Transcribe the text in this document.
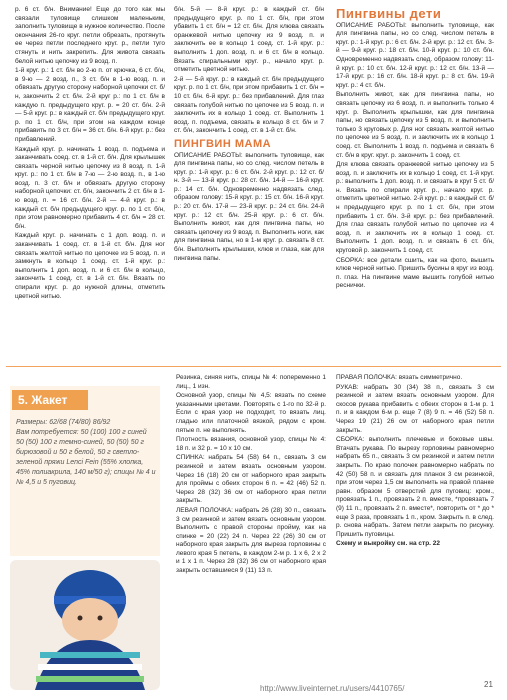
р. 6 ст. б/н. Внимание! Еще до того как мы связали туловище слишком маленьким, заполнить туловище в нужное количество. После окончания 26-го круг. петли обрезать, протянуть ее через петли последнего круг. р., петли туго стянуть и нить закрепить. Для живота связать белой нитью цепочку из 9 возд. п.

1-й круг. р.: 1 ст. б/н во 2-ю п. от крючка, 6 ст. б/н, в 9-ю — 2 возд. п., 3 ст. б/н в 1-ю возд. п. и обвязать другую сторону наборной цепочки ст. б/н, закончить 2 ст. б/н. 2-й круг р.: по 1 ст. б/н в каждую п. предыдущего круг. р. = 20 ст. б/н. 2-й — 5-й круг. р.: в каждый ст. б/н предыдущего круг. р. по 1 ст. б/н, при этом на каждом конце прибавить по 3 ст. б/н = 36 ст. б/н. 6-й круг. р.: без прибавлений.

Каждый круг. р. начинать 1 возд. п. подъема и заканчивать соед. ст. в 1-й ст. б/н. Для крылышек связать черной нитью цепочку из 8 возд. п. 1-й круг. р.: по 1 ст. б/н в 7-ю — 2-ю возд. п., в 1-ю возд. п. 3 ст. б/н и обвязать другую сторону наборной цепочки: ст. б/н, закончить 2 ст. б/н в 1-ю возд. п. = 16 ст. б/н. 2-й — 4-й круг. р.: в каждый ст. б/н предыдущего круг. р. по 1 ст. б/н, при этом равномерно прибавить 4 ст. б/н = 28 ст. б/н.

Каждый круг. р. начинать с 1 доп. возд. п. и заканчивать 1 соед. ст. в 1-й ст. б/н. Для ног связать желтой нитью по цепочке из 5 возд. п. и замкнуть в кольцо 1 соед. ст. 1-й круг. р.: выполнить 1 доп. возд. п. и 6 ст. б/н в кольцо, закончить 1 соед. ст. в 1-й ст. б/н. Вязать по спирали круг. р. до нужной длины, отметить цветной нитью.

б/н. 5-й — 8-й круг. р.: в каждый ст. б/н предыдущего круг. р. по 1 ст. б/н, при этом убавить 1 ст. б/н = 12 ст. б/н. Для клюва связать оранжевой нитью цепочку из 9 возд. п. и заключить ее в кольцо 1 соед. ст. 1-й круг. р.: выполнить 1 доп. возд. п. и 6 ст. б/н в кольцо. Вязать спиральными круг. р., начало круг. р. отметить цветной нитью.

2-й — 5-й круг. р.: в каждый ст. б/н предыдущего круг. р. по 1 ст. б/н, при этом прибавить 1 ст. б/н = 10 ст. б/н. 6-й круг. р.: без прибавлений. Для глаз связать голубой нитью по цепочке из 5 возд. п. и заключить их в кольцо 1 соед. ст. Выполнить 1 возд. п. подъема, связать в кольцо 8 ст. б/н и 7 ст. б/н, закончить 1 соед. ст. в 1-й ст. б/н.

ПИНГВИН МАМА

ОПИСАНИЕ РАБОТЫ: выполнить туловище, как для пингвина папы, но со след. числом петель в круг. р.: 1-й круг. р.: 6 ст. б/н. 2-й круг. р.: 12 ст. б/н. 3-й — 13-й круг. р.: 28 ст. б/н. 14-й — 16-й круг. р.: 14 ст. б/н. Одновременно надвязать след. образом голову: 15-й круг. р.: 15 ст. б/н. 16-й круг. р.: 20 ст. б/н. 17-й — 23-й круг. р.: 24 ст. б/н. 24-й круг. р.: 12 ст. б/н. 25-й круг. р.: 6 ст. б/н. Выполнить живот, как для пингвина папы, но связать цепочку из 9 возд. п. Выполнить ноги, как для пингвина папы, но в 1-м круг. р. связать 8 ст. б/н. Выполнить крылышки, клюв и глаза, как для пингвина папы.

Пингвины дети

ОПИСАНИЕ РАБОТЫ: выполнить туловище, как для пингвина папы, но со след. числом петель в круг. р.: 1-й круг. р.: 6 ст. б/н. 2-й круг. р.: 12 ст. б/н. 3-й — 9-й круг. р.: 18 ст. б/н. 10-й круг. р.: 10 ст. б/н. Одновременно надвязать след. образом голову: 11-й круг. р.: 10 ст. б/н. 12-й круг. р.: 12 ст. б/н. 13-й — 17-й круг. р.: 16 ст. б/н. 18-й круг. р.: 8 ст. б/н. 19-й круг. р.: 4 ст. б/н.

Выполнить живот, как для пингвина папы, но связать цепочку из 6 возд. п. и выполнить только 4 круг. р. Выполнить крылышки, как для пингвина папы, но связать цепочку из 5 возд. п. и выполнить только 3 круговых р. Для ног связать желтой нитью по цепочке из 5 возд. п. и заключить их в кольцо 1 соед. ст. Выполнить 1 возд. п. подъема и связать 6 ст. б/н в круг. круг. р. закончить 1 соед. ст.

Для клюва связать оранжевой нитью цепочку из 5 возд. п. и заключить их в кольцо 1 соед. ст. 1-й круг. р.: выполнить 1 доп. возд. п. и связать в круг 5 ст. б/н. Вязать по спирали круг. р., начало круг. р. отметить цветной нитью. 2-й круг. р.: в каждый ст. б/н предыдущего круг. р. по 1 ст. б/н, при этом прибавить 1 ст. б/н. 3-й круг. р.: без прибавлений. Для глаз связать голубой нитью по цепочке из 4 возд. п. и заключить их в кольцо 1 соед. ст. Выполнить 1 доп. возд. п. и связать 6 ст. б/н, круговой р. закончить 1 соед. ст.

СБОРКА: все детали сшить, как на фото, вышить клюв черной нитью. Пришить бусины в круг из возд. п. глаз. На пингвине маме вышить голубой нитью реснички.

5. Жакет
Размеры: 62/68 (74/80) 86/92
Вам потребуется: 50 (100) 100 г синей 50 (50) 100 г темно-синей, 50 (50) 50 г бирюзовой и 50 г белой, 50 г светло-зеленой пряжи Lenci Fein (55% хлопка, 45% полиакрила, 140 м/50 г); спицы № 4 и № 4,5 и 5 пуговиц.

Резинка, синяя нить, спицы № 4: попеременно 1 лиц., 1 изн.

Основной узор, спицы № 4,5: вязать по схеме указанными цветами. Повторять с 1-го по 32-й р. Если с края узор не подходит, то вязать лиц. гладью или платочной вязкой, рядом с кром. пятые п. не выполнять.

Плотность вязания, основной узор, спицы № 4: 18 п. и 32 р. = 10 х 10 см.

СПИНКА: набрать 54 (58) 64 п., связать 3 см резинкой и затем вязать основным узором. Через 16 (18) 20 см от наборного края закрыть для проймы с обеих сторон 6 п. = 42 (46) 52 п. Через 28 (32) 36 см от наборного края петли закрыть.

ЛЕВАЯ ПОЛОЧКА: набрать 26 (28) 30 п., связать 3 см резинкой и затем вязать основным узором. Выполнить с правой стороны пройму, как на спинке = 20 (22) 24 п. Через 22 (26) 30 см от наборного края закрыть для выреза горловины с левого края 5 петель, в каждом 2-м р. 1 х 6, 2 х 2 и 1 х 1 п. Через 28 (32) 36 см от наборного края закрыть оставшиеся 9 (11) 13 п.

ПРАВАЯ ПОЛОЧКА: вязать симметрично.

РУКАВ: набрать 30 (34) 38 п., связать 3 см резинкой и затем вязать основным узором. Для скосов рукава прибавить с обеих сторон в 1-м р. 1 п. и в каждом 6-м р. еще 7 (8) 9 п. = 46 (52) 58 п. Через 19 (21) 26 см от наборного края петли закрыть.

СБОРКА: выполнить плечевые и боковые швы. Втачать рукава. По вырезу горловины равномерно набрать 65 п., связать 3 см резинкой и затем петли закрыть. По краю полочек равномерно набрать по 42 (50) 58 п. и связать для планок 3 см резинкой, при этом через 1,5 см выполнить на правой планке равн. образом 5 отверстий для пуговиц: кром., провязать 1 п., провязать 2 п. вместе, *провязать 7 (9) 11 п., провязать 2 п. вместе*, повторить от * до * еще 3 раза, провязать 1 п., кром. Закрыть п. в след. р. снова набрать. Затем петли закрыть по рисунку. Пришить пуговицы.

Схему и выкройку см. на стр. 22

http://www.liveinternet.ru/users/4410765/	21
